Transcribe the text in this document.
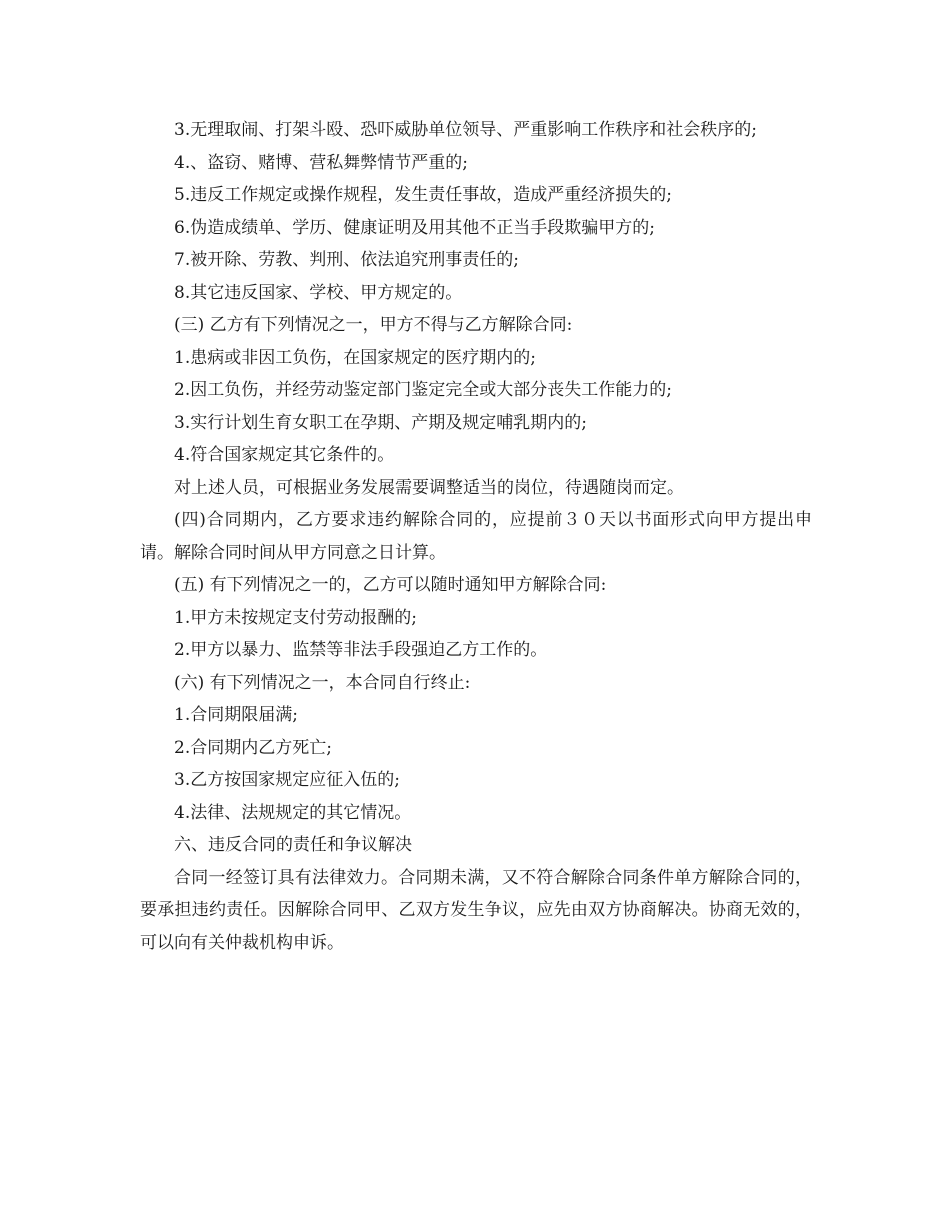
3.无理取闹、打架斗殴、恐吓威胁单位领导、严重影响工作秩序和社会秩序的;

4.、盗窃、赌博、营私舞弊情节严重的;

5.违反工作规定或操作规程，发生责任事故，造成严重经济损失的;

6.伪造成绩单、学历、健康证明及用其他不正当手段欺骗甲方的;

7.被开除、劳教、判刑、依法追究刑事责任的;

8.其它违反国家、学校、甲方规定的。

(三) 乙方有下列情况之一，甲方不得与乙方解除合同:

1.患病或非因工负伤，在国家规定的医疗期内的;

2.因工负伤，并经劳动鉴定部门鉴定完全或大部分丧失工作能力的;

3.实行计划生育女职工在孕期、产期及规定哺乳期内的;

4.符合国家规定其它条件的。

对上述人员，可根据业务发展需要调整适当的岗位，待遇随岗而定。

(四)合同期内，乙方要求违约解除合同的，应提前３０天以书面形式向甲方提出申请。解除合同时间从甲方同意之日计算。

(五) 有下列情况之一的，乙方可以随时通知甲方解除合同:

1.甲方未按规定支付劳动报酬的;

2.甲方以暴力、监禁等非法手段强迫乙方工作的。

(六) 有下列情况之一，本合同自行终止:

1.合同期限届满;

2.合同期内乙方死亡;

3.乙方按国家规定应征入伍的;

4.法律、法规规定的其它情况。

六、违反合同的责任和争议解决

合同一经签订具有法律效力。合同期未满，又不符合解除合同条件单方解除合同的，要承担违约责任。因解除合同甲、乙双方发生争议，应先由双方协商解决。协商无效的，可以向有关仲裁机构申诉。
